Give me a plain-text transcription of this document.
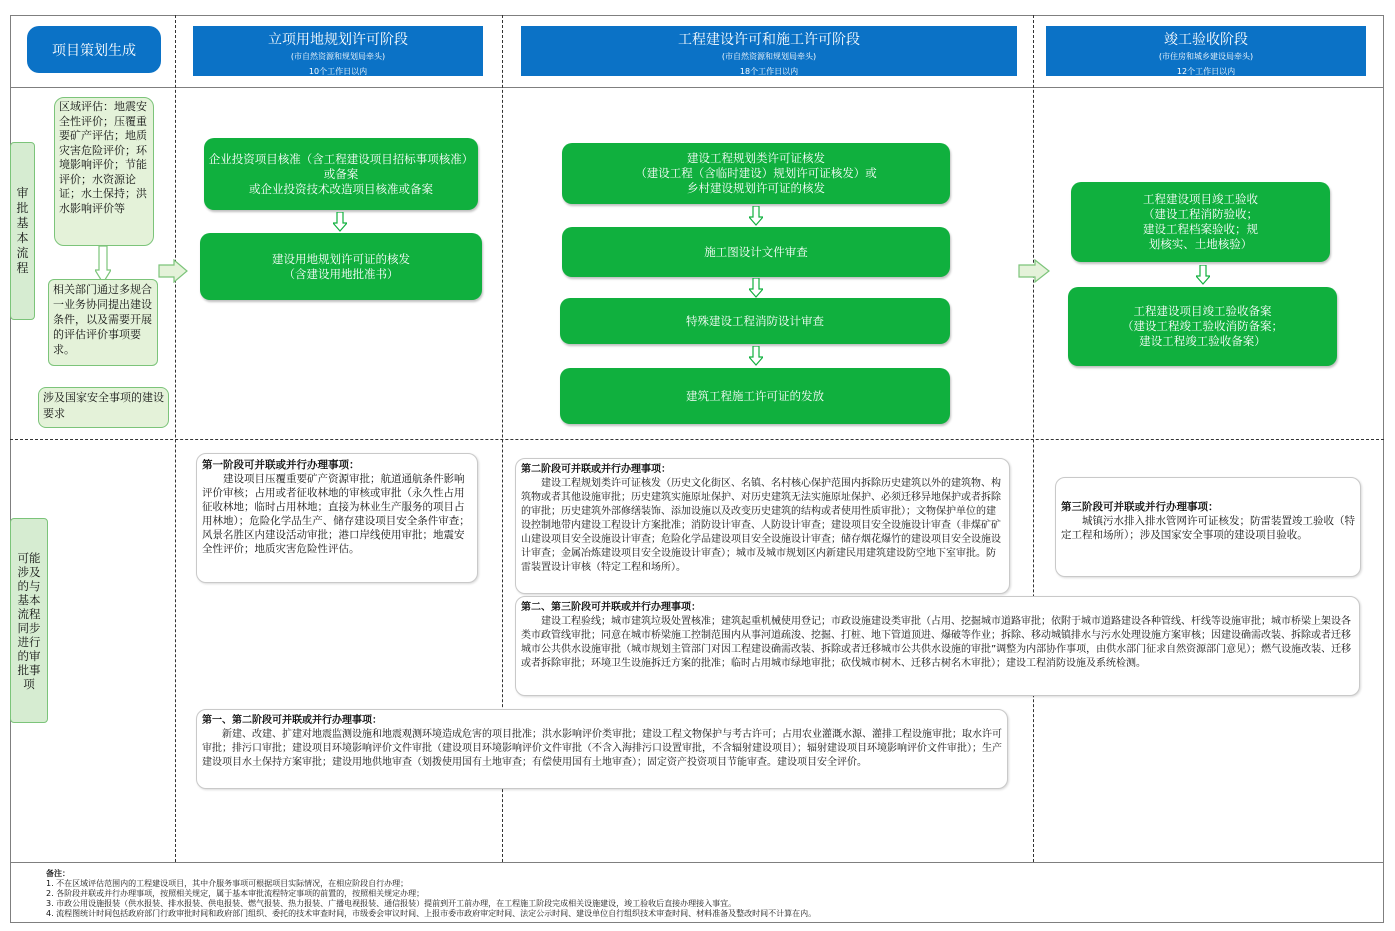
项目策划生成
立项用地规划许可阶段
(市自然资源和规划局牵头)
10个工作日以内
工程建设许可和施工许可阶段
(市自然资源和规划局牵头)
18个工作日以内
竣工验收阶段
(市住房和城乡建设局牵头)
12个工作日以内
审
批
基
本
流
程
可能
涉及
的与
基本
流程
同步
进行
的审
批事
项
区域评估：地震安全性评价；压覆重要矿产评估；地质灾害危险评价；环境影响评价；节能评价；水资源论证；水土保持；洪水影响评价等
相关部门通过多规合一业务协同提出建设条件，以及需要开展的评估评价事项要求。
涉及国家安全事项的建设要求
企业投资项目核准（含工程建设项目招标事项核准）或备案
或企业投资技术改造项目核准或备案
建设用地规划许可证的核发
（含建设用地批准书）
建设工程规划类许可证核发
（建设工程（含临时建设）规划许可证核发）或
乡村建设规划许可证的核发
施工图设计文件审查
特殊建设工程消防设计审查
建筑工程施工许可证的发放
工程建设项目竣工验收
（建设工程消防验收；
建设工程档案验收；规
划核实、土地核验）
工程建设项目竣工验收备案
（建设工程竣工验收消防备案；
建设工程竣工验收备案）
第一阶段可并联或并行办理事项：

建设项目压覆重要矿产资源审批；航道通航条件影响评价审核；占用或者征收林地的审核或审批（永久性占用征收林地；临时占用林地；直接为林业生产服务的项目占用林地）；危险化学品生产、储存建设项目安全条件审查；风景名胜区内建设活动审批；港口岸线使用审批；地震安全性评价；地质灾害危险性评估。

第二阶段可并联或并行办理事项：

建设工程规划类许可证核发（历史文化街区、名镇、名村核心保护范围内拆除历史建筑以外的建筑物、构筑物或者其他设施审批；历史建筑实施原址保护、对历史建筑无法实施原址保护、必须迁移异地保护或者拆除的审批；历史建筑外部修缮装饰、添加设施以及改变历史建筑的结构或者使用性质审批）；文物保护单位的建设控制地带内建设工程设计方案批准；消防设计审查、人防设计审查；建设项目安全设施设计审查（非煤矿矿山建设项目安全设施设计审查；危险化学品建设项目安全设施设计审查；储存烟花爆竹的建设项目安全设施设计审查；金属冶炼建设项目安全设施设计审查）；城市及城市规划区内新建民用建筑建设防空地下室审批。防雷装置设计审核（特定工程和场所）。

第三阶段可并联或并行办理事项：

城镇污水排入排水管网许可证核发；防雷装置竣工验收（特定工程和场所）；涉及国家安全事项的建设项目验收。

第二、第三阶段可并联或并行办理事项：

建设工程验线；城市建筑垃圾处置核准；建筑起重机械使用登记；市政设施建设类审批（占用、挖掘城市道路审批；依附于城市道路建设各种管线、杆线等设施审批；城市桥梁上架设各类市政管线审批；同意在城市桥梁施工控制范围内从事河道疏浚、挖掘、打桩、地下管道顶进、爆破等作业；拆除、移动城镇排水与污水处理设施方案审核；因建设确需改装、拆除或者迁移城市公共供水设施审批（城市规划主管部门对因工程建设确需改装、拆除或者迁移城市公共供水设施的审批”调整为内部协作事项，由供水部门征求自然资源部门意见）；燃气设施改装、迁移或者拆除审批；环境卫生设施拆迁方案的批准；临时占用城市绿地审批；砍伐城市树木、迁移古树名木审批）；建设工程消防设施及系统检测。

第一、第二阶段可并联或并行办理事项：

新建、改建、扩建对地震监测设施和地震观测环境造成危害的项目批准；洪水影响评价类审批；建设工程文物保护与考古许可；占用农业灌溉水源、灌排工程设施审批；取水许可审批；排污口审批；建设项目环境影响评价文件审批（建设项目环境影响评价文件审批（不含入海排污口设置审批，不含辐射建设项目）；辐射建设项目环境影响评价文件审批）；生产建设项目水土保持方案审批；建设用地供地审查（划拨使用国有土地审查；有偿使用国有土地审查）；固定资产投资项目节能审查。建设项目安全评价。

备注：
1. 不在区域评估范围内的工程建设项目，其中介服务事项可根据项目实际情况，在相应阶段自行办理；
2. 各阶段并联或并行办理事项，按照相关规定，属于基本审批流程特定事项的前置的，按照相关规定办理；
3. 市政公用设施报装（供水报装、排水报装、供电报装、燃气报装、热力报装、广播电视报装、通信报装）提前到开工前办理，在工程施工阶段完成相关设施建设，竣工验收后直接办理接入事宜。
4. 流程图统计时间包括政府部门行政审批时间和政府部门组织、委托的技术审查时间，市级委会审议时间、上报市委市政府审定时间、法定公示时间、建设单位自行组织技术审查时间、材料准备及整改时间不计算在内。
